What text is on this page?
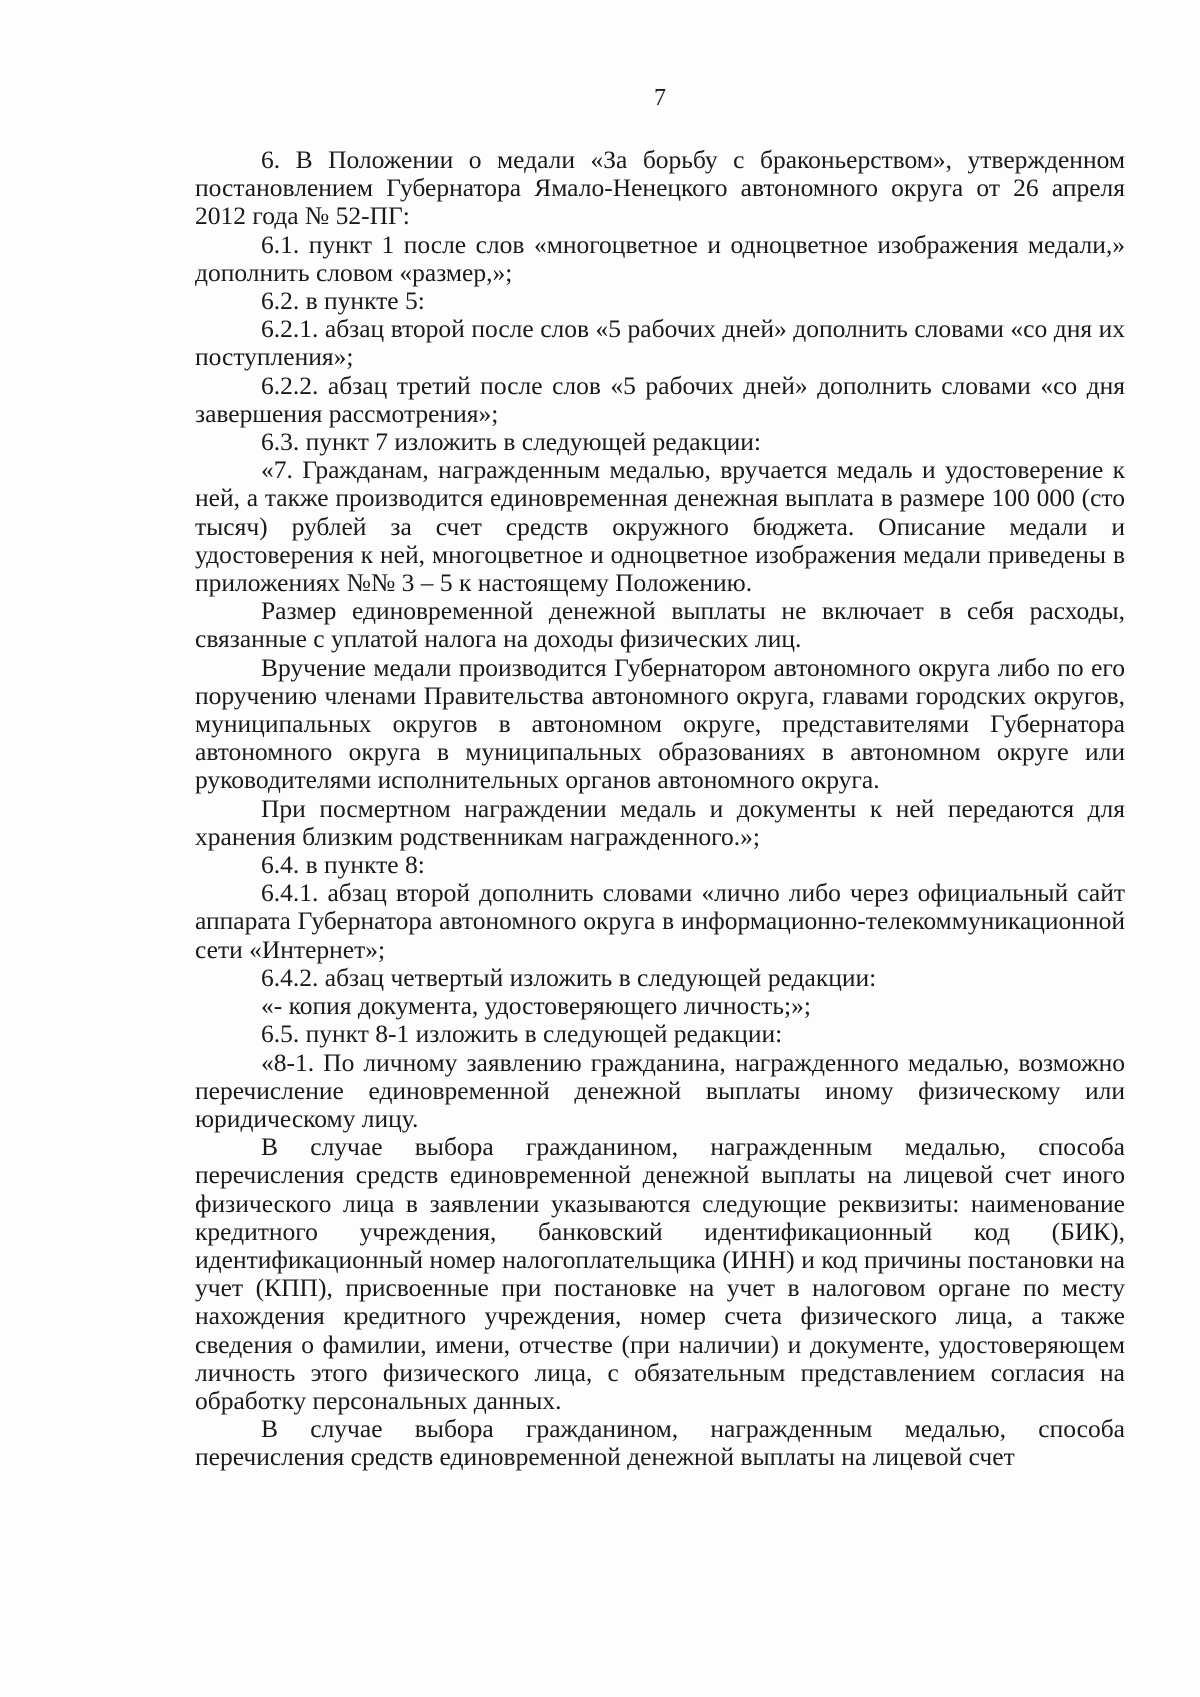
7

6. В Положении о медали «За борьбу с браконьерством», утвержденном постановлением Губернатора Ямало-Ненецкого автономного округа от 26 апреля 2012 года № 52-ПГ:

6.1. пункт 1 после слов «многоцветное и одноцветное изображения медали,» дополнить словом «размер,»;

6.2. в пункте 5:

6.2.1. абзац второй после слов «5 рабочих дней» дополнить словами «со дня их поступления»;

6.2.2. абзац третий после слов «5 рабочих дней» дополнить словами «со дня завершения рассмотрения»;

6.3. пункт 7 изложить в следующей редакции:

«7. Гражданам, награжденным медалью, вручается медаль и удостоверение к ней, а также производится единовременная денежная выплата в размере 100 000 (сто тысяч) рублей за счет средств окружного бюджета. Описание медали и удостоверения к ней, многоцветное и одноцветное изображения медали приведены в приложениях №№ 3 – 5 к настоящему Положению.

Размер единовременной денежной выплаты не включает в себя расходы, связанные с уплатой налога на доходы физических лиц.

Вручение медали производится Губернатором автономного округа либо по его поручению членами Правительства автономного округа, главами городских округов, муниципальных округов в автономном округе, представителями Губернатора автономного округа в муниципальных образованиях в автономном округе или руководителями исполнительных органов автономного округа.

При посмертном награждении медаль и документы к ней передаются для хранения близким родственникам награжденного.»;

6.4. в пункте 8:

6.4.1. абзац второй дополнить словами «лично либо через официальный сайт аппарата Губернатора автономного округа в информационно-телекоммуникационной сети «Интернет»;

6.4.2. абзац четвертый изложить в следующей редакции:

«- копия документа, удостоверяющего личность;»;

6.5. пункт 8-1 изложить в следующей редакции:

«8-1. По личному заявлению гражданина, награжденного медалью, возможно перечисление единовременной денежной выплаты иному физическому или юридическому лицу.

В случае выбора гражданином, награжденным медалью, способа перечисления средств единовременной денежной выплаты на лицевой счет иного физического лица в заявлении указываются следующие реквизиты: наименование кредитного учреждения, банковский идентификационный код (БИК), идентификационный номер налогоплательщика (ИНН) и код причины постановки на учет (КПП), присвоенные при постановке на учет в налоговом органе по месту нахождения кредитного учреждения, номер счета физического лица, а также сведения о фамилии, имени, отчестве (при наличии) и документе, удостоверяющем личность этого физического лица, с обязательным представлением согласия на обработку персональных данных.

В случае выбора гражданином, награжденным медалью, способа перечисления средств единовременной денежной выплаты на лицевой счет
